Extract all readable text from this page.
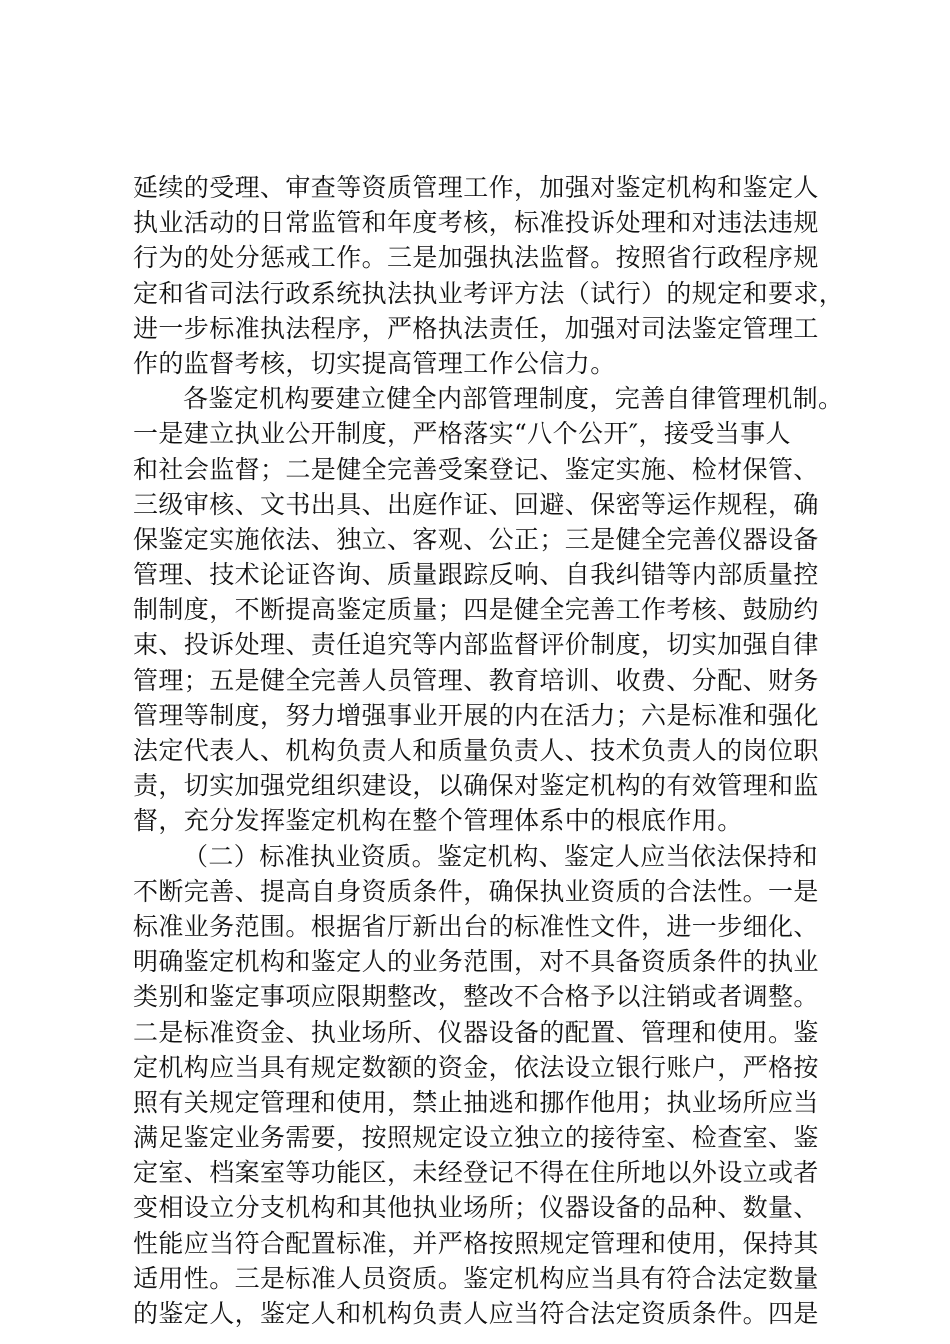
延续的受理、审查等资质管理工作，加强对鉴定机构和鉴定人
执业活动的日常监管和年度考核，标准投诉处理和对违法违规
行为的处分惩戒工作。三是加强执法监督。按照省行政程序规
定和省司法行政系统执法执业考评方法（试行）的规定和要求，
进一步标准执法程序，严格执法责任，加强对司法鉴定管理工
作的监督考核，切实提高管理工作公信力。
各鉴定机构要建立健全内部管理制度，完善自律管理机制。
一是建立执业公开制度，严格落实“八个公开″，接受当事人
和社会监督；二是健全完善受案登记、鉴定实施、检材保管、
三级审核、文书出具、出庭作证、回避、保密等运作规程，确
保鉴定实施依法、独立、客观、公正；三是健全完善仪器设备
管理、技术论证咨询、质量跟踪反响、自我纠错等内部质量控
制制度，不断提高鉴定质量；四是健全完善工作考核、鼓励约
束、投诉处理、责任追究等内部监督评价制度，切实加强自律
管理；五是健全完善人员管理、教育培训、收费、分配、财务
管理等制度，努力增强事业开展的内在活力；六是标准和强化
法定代表人、机构负责人和质量负责人、技术负责人的岗位职
责，切实加强党组织建设，以确保对鉴定机构的有效管理和监
督，充分发挥鉴定机构在整个管理体系中的根底作用。
（二）标准执业资质。鉴定机构、鉴定人应当依法保持和
不断完善、提高自身资质条件，确保执业资质的合法性。一是
标准业务范围。根据省厅新出台的标准性文件，进一步细化、
明确鉴定机构和鉴定人的业务范围，对不具备资质条件的执业
类别和鉴定事项应限期整改，整改不合格予以注销或者调整。
二是标准资金、执业场所、仪器设备的配置、管理和使用。鉴
定机构应当具有规定数额的资金，依法设立银行账户，严格按
照有关规定管理和使用，禁止抽逃和挪作他用；执业场所应当
满足鉴定业务需要，按照规定设立独立的接待室、检查室、鉴
定室、档案室等功能区，未经登记不得在住所地以外设立或者
变相设立分支机构和其他执业场所；仪器设备的品种、数量、
性能应当符合配置标准，并严格按照规定管理和使用，保持其
适用性。三是标准人员资质。鉴定机构应当具有符合法定数量
的鉴定人，鉴定人和机构负责人应当符合法定资质条件。四是
